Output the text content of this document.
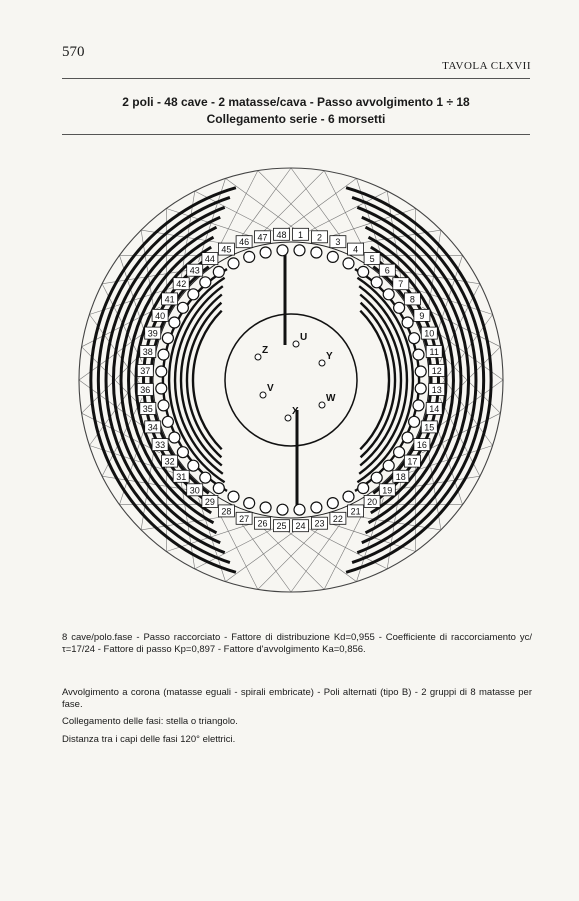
570
TAVOLA CLXVII
2 poli - 48 cave - 2 matasse/cava - Passo avvolgimento 1 ÷ 18
Collegamento serie - 6 morsetti
1 2 3
4
5
6
7
8
9
10
11
12
13
14
15
16
17
18
19
20
21
22
23
24
25
26
27
28
29
30
31
32
33
34
35
36
37
38
39
40
41
42
43
44
45
46 47 48
U
V
W
X
Y
Z
8 cave/polo.fase - Passo raccorciato - Fattore di distribuzione Kd=0,955 - Coefficiente di raccorciamento yc/τ=17/24 - Fattore di passo Kp=0,897 - Fattore d'avvolgimento Ka=0,856.
Avvolgimento a corona (matasse eguali - spirali embricate) - Poli alternati (tipo B) - 2 gruppi di 8 matasse per fase.
Collegamento delle fasi: stella o triangolo.
Distanza tra i capi delle fasi 120° elettrici.
